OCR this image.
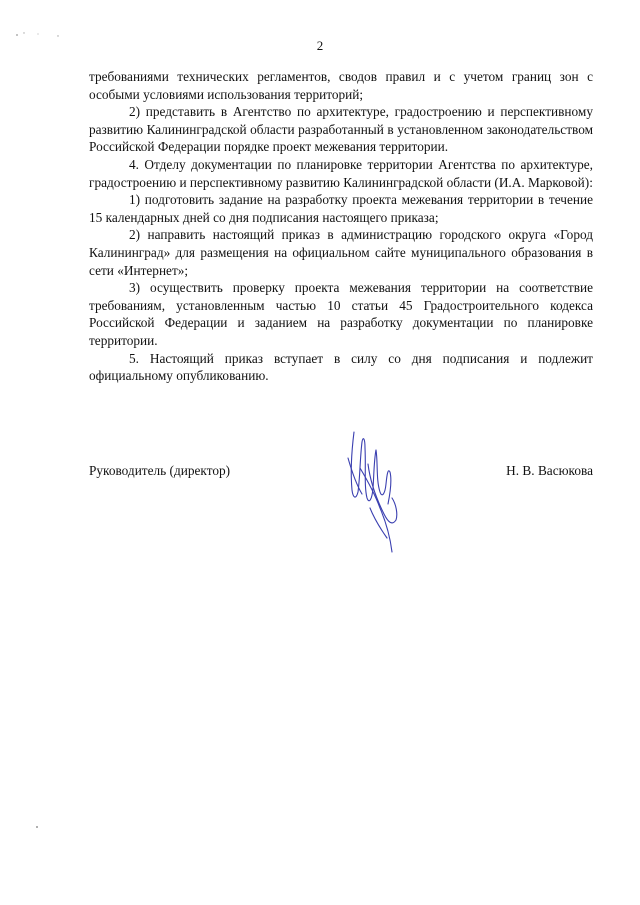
2

требованиями технических регламентов, сводов правил и с учетом границ зон с особыми условиями использования территорий;

2) представить в Агентство по архитектуре, градостроению и перспективному развитию Калининградской области разработанный в установленном законодательством Российской Федерации порядке проект межевания территории.

4. Отделу документации по планировке территории Агентства по архитектуре, градостроению и перспективному развитию Калининградской области (И.А. Марковой):

1) подготовить задание на разработку проекта межевания территории в течение 15 календарных дней со дня подписания настоящего приказа;

2) направить настоящий приказ в администрацию городского округа «Город Калининград» для размещения на официальном сайте муниципального образования в сети «Интернет»;

3) осуществить проверку проекта межевания территории на соответствие требованиям, установленным частью 10 статьи 45 Градостроительного кодекса Российской Федерации и заданием на разработку документации по планировке территории.

5. Настоящий приказ вступает в силу со дня подписания и подлежит официальному опубликованию.

Руководитель (директор)	Н. В. Васюкова
